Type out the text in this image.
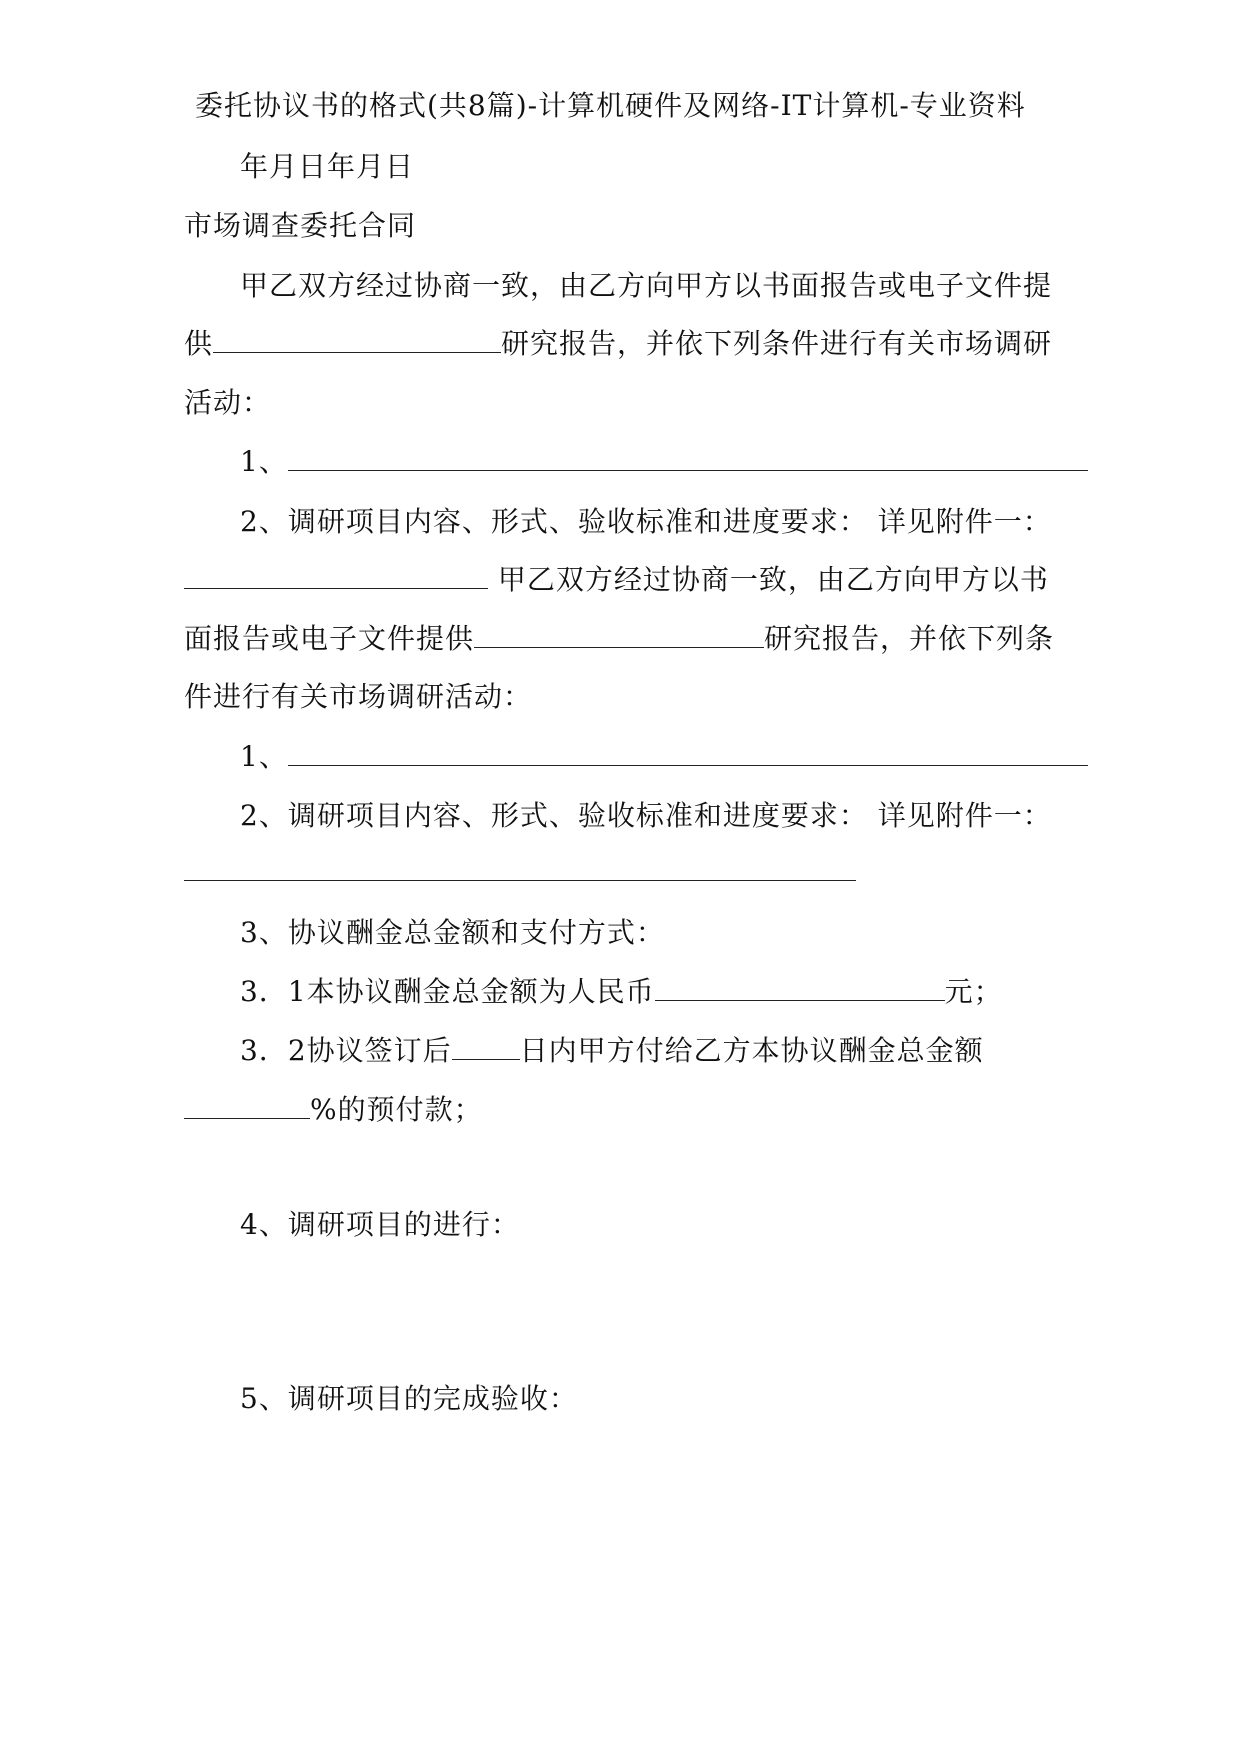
委托协议书的格式(共8篇)-计算机硬件及网络-IT计算机-专业资料
年月日年月日
市场调查委托合同
甲乙双方经过协商一致，由乙方向甲方以书面报告或电子文件提
供	研究报告，并依下列条件进行有关市场调研
活动：
1、
2、调研项目内容、形式、验收标准和进度要求： 详见附件一：
甲乙双方经过协商一致，由乙方向甲方以书
面报告或电子文件提供	研究报告，并依下列条
件进行有关市场调研活动：
1、
2、调研项目内容、形式、验收标准和进度要求： 详见附件一：
3、协议酬金总金额和支付方式：
3．1本协议酬金总金额为人民币	元；
3．2协议签订后 日内甲方付给乙方本协议酬金总金额
%的预付款；
4、调研项目的进行：
5、调研项目的完成验收：
